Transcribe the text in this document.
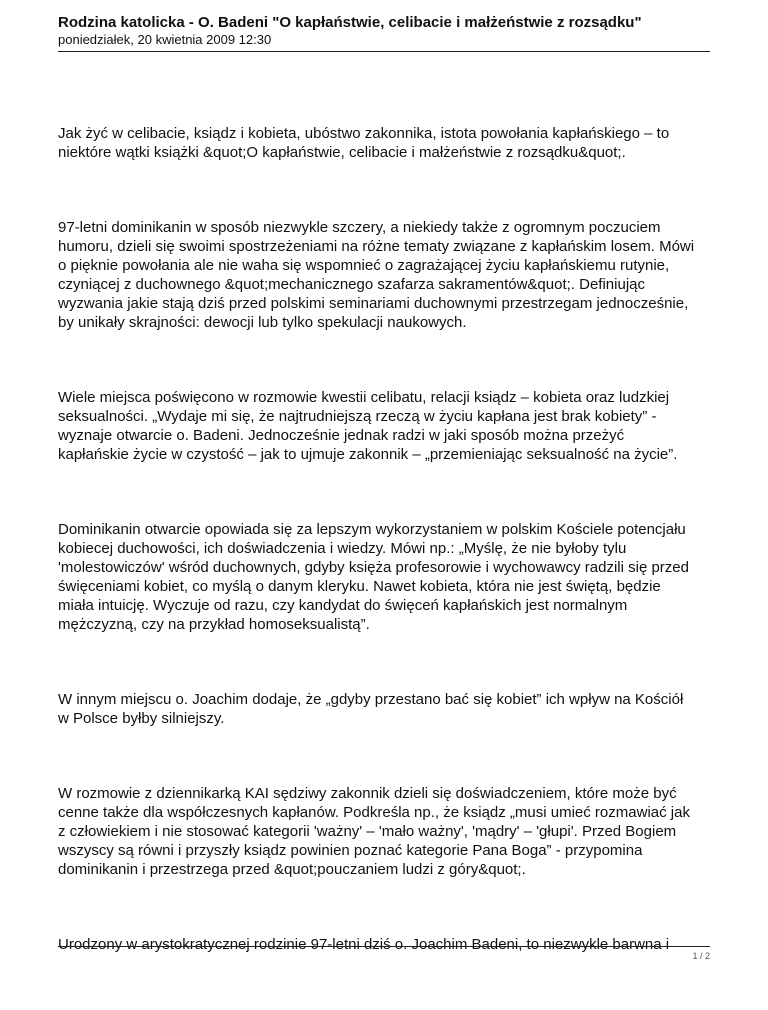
Rodzina katolicka - O. Badeni "O kapłaństwie, celibacie i małżeństwie z rozsądku"

poniedziałek, 20 kwietnia 2009 12:30

Jak żyć w celibacie, ksiądz i kobieta, ubóstwo zakonnika, istota powołania kapłańskiego – to
niektóre wątki książki &quot;O kapłaństwie, celibacie i małżeństwie z rozsądku&quot;.

97-letni dominikanin w sposób niezwykle szczery, a niekiedy także z ogromnym poczuciem
humoru, dzieli się swoimi spostrzeżeniami na różne tematy związane z kapłańskim losem. Mówi
o pięknie powołania ale nie waha się wspomnieć o zagrażającej życiu kapłańskiemu rutynie,
czyniącej z duchownego &quot;mechanicznego szafarza sakramentów&quot;. Definiując
wyzwania jakie stają dziś przed polskimi seminariami duchownymi przestrzegam jednocześnie,
by unikały skrajności: dewocji lub tylko spekulacji naukowych.

Wiele miejsca poświęcono w rozmowie kwestii celibatu, relacji ksiądz – kobieta oraz ludzkiej
seksualności. „Wydaje mi się, że najtrudniejszą rzeczą w życiu kapłana jest brak kobiety” -
wyznaje otwarcie o. Badeni. Jednocześnie jednak radzi w jaki sposób można przeżyć
kapłańskie życie w czystość – jak to ujmuje zakonnik – „przemieniając seksualność na życie”.

Dominikanin otwarcie opowiada się za lepszym wykorzystaniem w polskim Kościele potencjału
kobiecej duchowości, ich doświadczenia i wiedzy. Mówi np.: „Myślę, że nie byłoby tylu
'molestowiczów' wśród duchownych, gdyby księża profesorowie i wychowawcy radzili się przed
święceniami kobiet, co myślą o danym kleryku. Nawet kobieta, która nie jest świętą, będzie
miała intuicję. Wyczuje od razu, czy kandydat do święceń kapłańskich jest normalnym
mężczyzną, czy na przykład homoseksualistą”.

W innym miejscu o. Joachim dodaje, że „gdyby przestano bać się kobiet” ich wpływ na Kościół
w Polsce byłby silniejszy.

W rozmowie z dziennikarką KAI sędziwy zakonnik dzieli się doświadczeniem, które może być
cenne także dla współczesnych kapłanów. Podkreśla np., że ksiądz „musi umieć rozmawiać jak
z człowiekiem i nie stosować kategorii 'ważny' – 'mało ważny', 'mądry' – 'głupi'. Przed Bogiem
wszyscy są równi i przyszły ksiądz powinien poznać kategorie Pana Boga” - przypomina
dominikanin i przestrzega przed &quot;pouczaniem ludzi z góry&quot;.

Urodzony w arystokratycznej rodzinie 97-letni dziś o. Joachim Badeni, to niezwykle barwna i

1 / 2
